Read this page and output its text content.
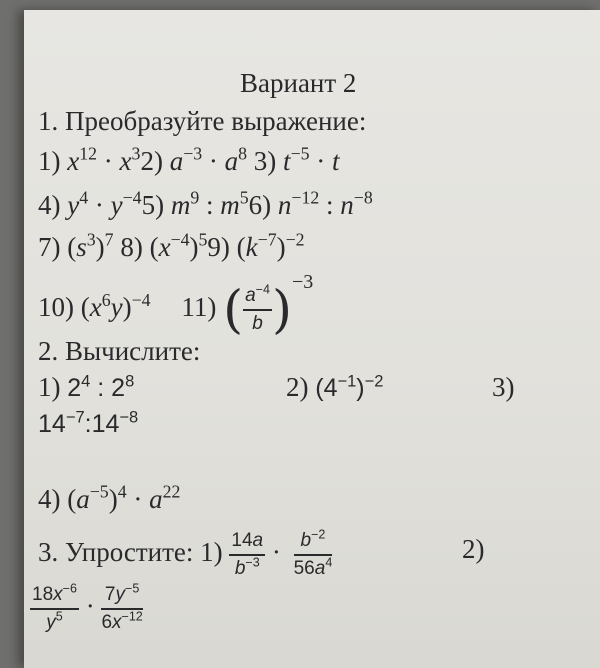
Вариант 2
1. Преобразуйте выражение:
1) $x^{12} \cdot x^32$) $a^{-3} \cdot a^8$ 3) $t^{-5} \cdot t$
4) $y^4 \cdot y^{-4}5$) $m^9$ : $m^56$) $n^{-12}$ : $n^{-8}$
7) $(s^3)^7$ 8) $(x^{-4})^59$) $(k^{-7})^{-2}$
10) $(x^6y)^{-4}$ 11) ( $\frac{a^{-4}}{b} )^{-3}$
2. Вычислите:
1) $2^4$ : $2^8$	2) $(4^{-1})^{-2}$	3)
$14^{-7}:14^{-8}$
4) $(a^{-5})^4 \cdot a^{22}$
3. Упростите: $1) \frac{14a}{b^{-3}} \cdot \frac{b^{-2}}{56a^4}$	2)
$\frac{18x^{-6}}{y^5} \cdot \frac{7y^{-5}}{6x^{-12}}$
